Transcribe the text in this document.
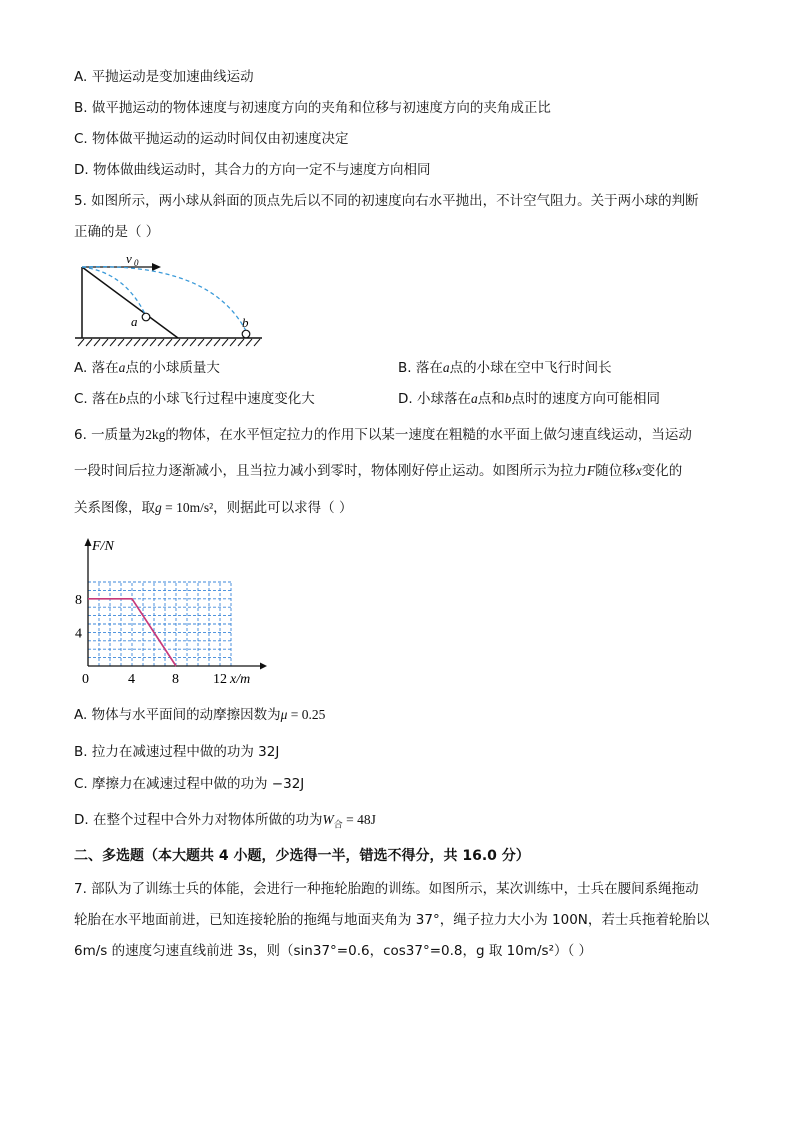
A. 平抛运动是变加速曲线运动
B. 做平抛运动的物体速度与初速度方向的夹角和位移与初速度方向的夹角成正比
C. 物体做平抛运动的运动时间仅由初速度决定
D. 物体做曲线运动时，其合力的方向一定不与速度方向相同
5. 如图所示，两小球从斜面的顶点先后以不同的初速度向右水平抛出，不计空气阻力。关于两小球的判断
正确的是（ ）
v 0
a	b
A. 落在a点的小球质量大	B. 落在a点的小球在空中飞行时间长
C. 落在b点的小球飞行过程中速度变化大	D. 小球落在a点和b点时的速度方向可能相同
6. 一质量为2kg的物体，在水平恒定拉力的作用下以某一速度在粗糙的水平面上做匀速直线运动，当运动
一段时间后拉力逐渐减小，且当拉力减小到零时，物体刚好停止运动。如图所示为拉力F随位移x变化的
关系图像，取g = 10m/s²，则据此可以求得（ ）
F/N
x/m
0	4	8 12
4
8
A. 物体与水平面间的动摩擦因数为μ = 0.25
B. 拉力在减速过程中做的功为 32J
C. 摩擦力在减速过程中做的功为 −32J
D. 在整个过程中合外力对物体所做的功为$W_合 = 48J$
二、多选题（本大题共 4 小题，少选得一半，错选不得分，共 16.0 分）
7. 部队为了训练士兵的体能，会进行一种拖轮胎跑的训练。如图所示，某次训练中，士兵在腰间系绳拖动
轮胎在水平地面前进，已知连接轮胎的拖绳与地面夹角为 37°，绳子拉力大小为 100N，若士兵拖着轮胎以
6m/s 的速度匀速直线前进 3s，则（sin37°=0.6，cos37°=0.8，g 取 10m/s²）（ ）
